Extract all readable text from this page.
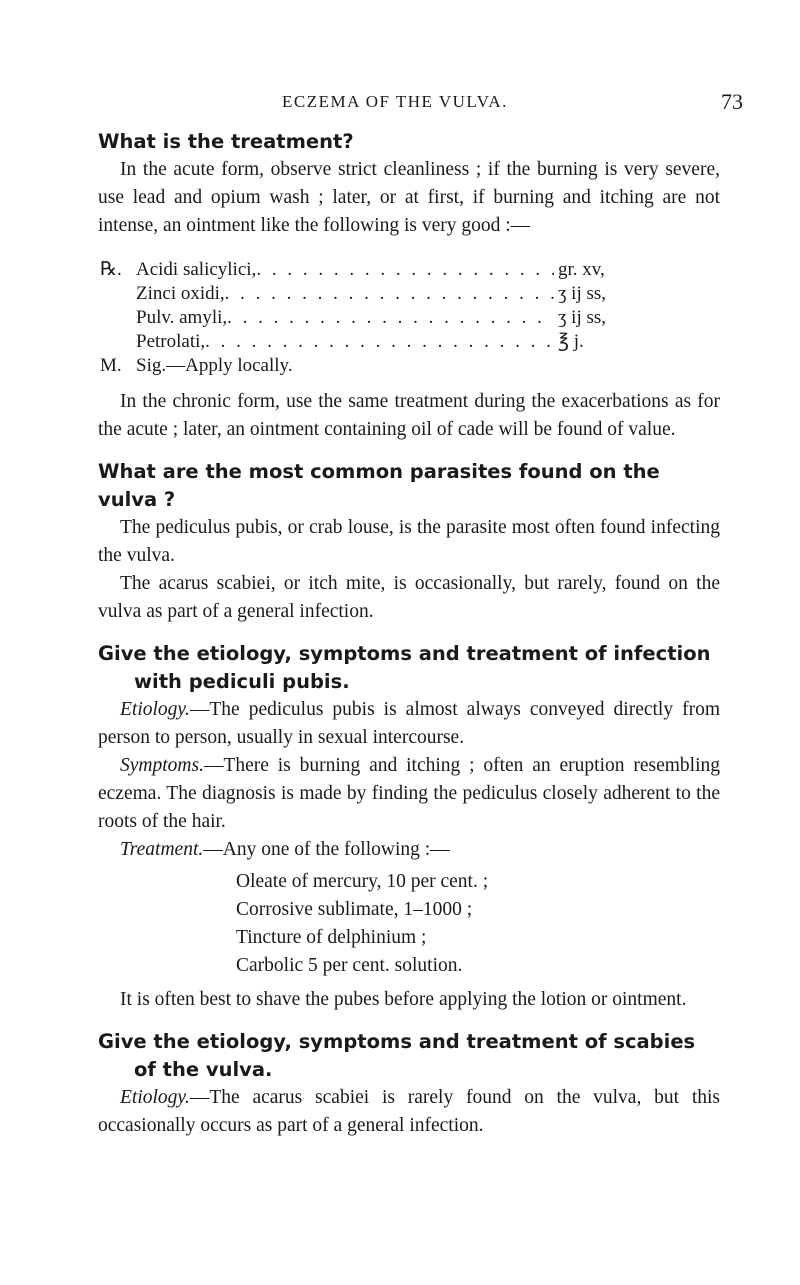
ECZEMA OF THE VULVA.	73
What is the treatment?

In the acute form, observe strict cleanliness ; if the burning is very severe, use lead and opium wash ; later, or at first, if burning and itching are not intense, an ointment like the following is very good :—

℞. Acidi salicylici, . . .	gr. xv,
Zinci oxidi, . . .	ʒ ij ss,
Pulv. amyli, . . .	ʒ ij ss,
Petrolati, . . .	℥ j.
M. Sig.—Apply locally.

In the chronic form, use the same treatment during the exacerbations as for the acute ; later, an ointment containing oil of cade will be found of value.

What are the most common parasites found on the vulva ?

The pediculus pubis, or crab louse, is the parasite most often found infecting the vulva.

The acarus scabiei, or itch mite, is occasionally, but rarely, found on the vulva as part of a general infection.

Give the etiology, symptoms and treatment of infection with pediculi pubis.

Etiology.—The pediculus pubis is almost always conveyed directly from person to person, usually in sexual intercourse.

Symptoms.—There is burning and itching ; often an eruption resembling eczema. The diagnosis is made by finding the pediculus closely adherent to the roots of the hair.

Treatment.—Any one of the following :—

Oleate of mercury, 10 per cent. ;
Corrosive sublimate, 1–1000 ;
Tincture of delphinium ;
Carbolic 5 per cent. solution.

It is often best to shave the pubes before applying the lotion or ointment.

Give the etiology, symptoms and treatment of scabies of the vulva.

Etiology.—The acarus scabiei is rarely found on the vulva, but this occasionally occurs as part of a general infection.
